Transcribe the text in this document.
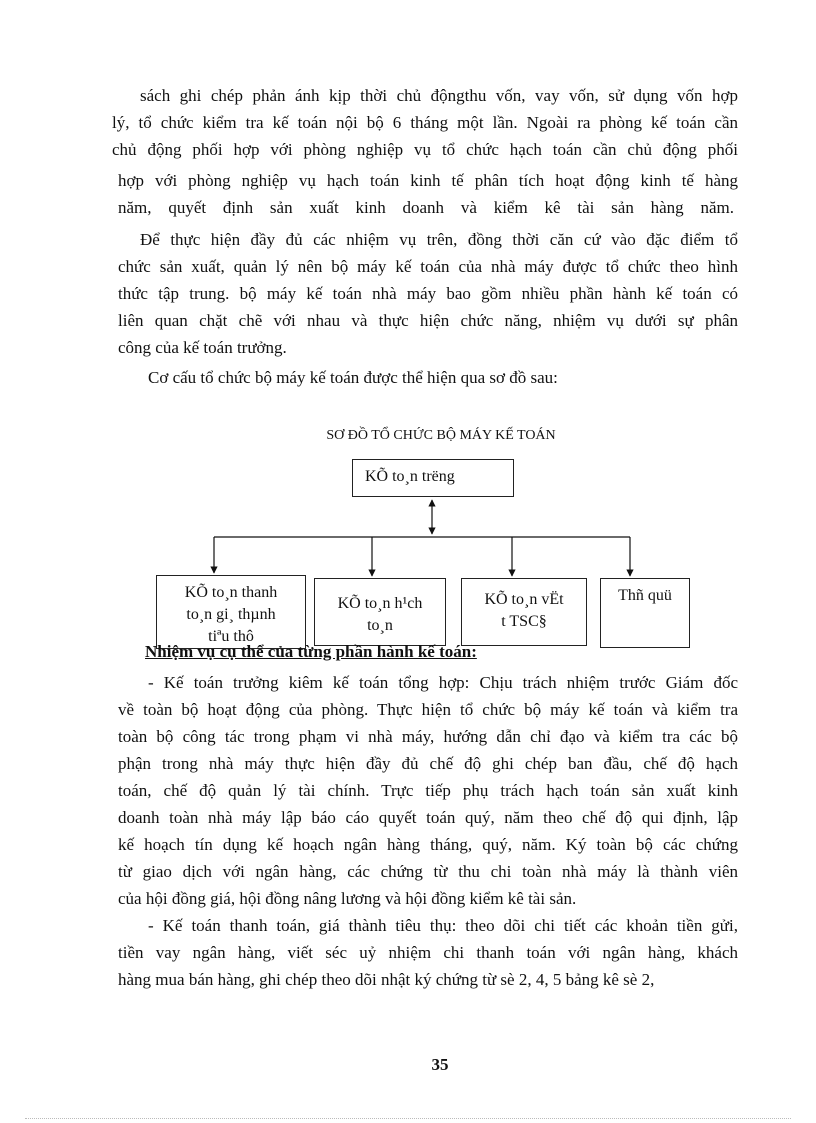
sách ghi chép phản ánh kịp thời chủ độngthu vốn, vay vốn, sử dụng vốn hợp
lý, tổ chức kiểm tra kế toán nội bộ 6 tháng một lần. Ngoài ra phòng kế toán cần
chủ động phối hợp với phòng nghiệp vụ tổ chức hạch toán cần chủ động phối
hợp với phòng nghiệp vụ hạch toán kinh tế phân tích hoạt động kinh tế hàng
năm, quyết định sản xuất kinh doanh và kiểm kê tài sản hàng năm.
Để thực hiện đầy đủ các nhiệm vụ trên, đồng thời căn cứ vào đặc điểm tổ
chức sản xuất, quản lý nên bộ máy kế toán của nhà máy được tổ chức theo hình
thức tập trung. bộ máy kế toán nhà máy bao gồm nhiều phần hành kế toán có
liên quan chặt chẽ với nhau và thực hiện chức năng, nhiệm vụ dưới sự phân
công của kế toán trưởng.
Cơ cấu tổ chức bộ máy kế toán được thể hiện qua sơ đồ sau:
SƠ ĐỒ TỔ CHỨC BỘ MÁY KẾ TOÁN
KÕ to¸n trëng
KÕ to¸n thanh
to¸n gi¸ thµnh
tiªu thô
KÕ to¸n h¹ch
to¸n
KÕ to¸n vËt
t TSC§
Thñ quü
Nhiệm vụ cụ thể của từng phần hành kế toán:
- Kế toán trưởng kiêm kế toán tổng hợp: Chịu trách nhiệm trước Giám đốc
về toàn bộ hoạt động của phòng. Thực hiện tổ chức bộ máy kế toán và kiểm tra
toàn bộ công tác trong phạm vi nhà máy, hướng dẫn chỉ đạo và kiểm tra các bộ
phận trong nhà máy thực hiện đầy đủ chế độ ghi chép ban đầu, chế độ hạch
toán, chế độ quản lý tài chính. Trực tiếp phụ trách hạch toán sản xuất kinh
doanh toàn nhà máy lập báo cáo quyết toán quý, năm theo chế độ qui định, lập
kế hoạch tín dụng kế hoạch ngân hàng tháng, quý, năm. Ký toàn bộ các chứng
từ giao dịch với ngân hàng, các chứng từ thu chi toàn nhà máy là thành viên
của hội đồng giá, hội đồng nâng lương và hội đồng kiểm kê tài sản.
- Kế toán thanh toán, giá thành tiêu thụ: theo dõi chi tiết các khoản tiền gửi,
tiền vay ngân hàng, viết séc uỷ nhiệm chi thanh toán với ngân hàng, khách
hàng mua bán hàng, ghi chép theo dõi nhật ký chứng từ sè 2, 4, 5 bảng kê sè 2,
35
